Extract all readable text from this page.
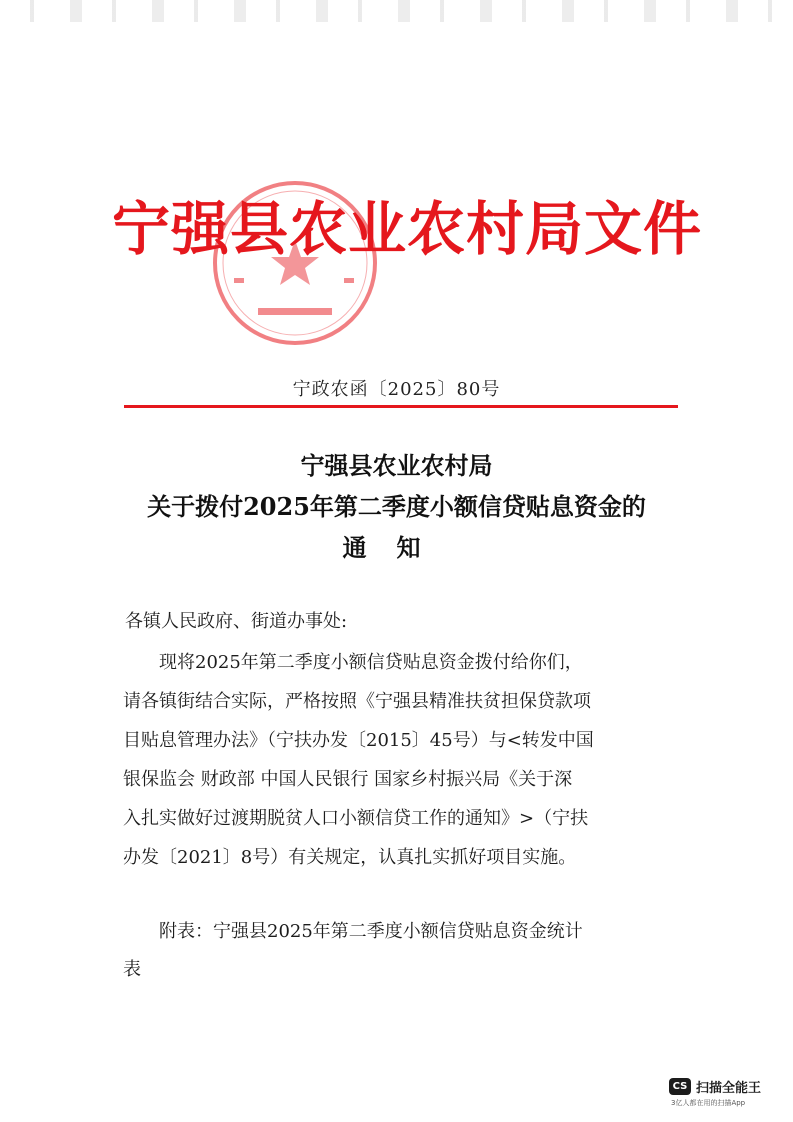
宁强县农业农村局文件
宁政农函〔2025〕80号
宁强县农业农村局
关于拨付2025年第二季度小额信贷贴息资金的
通知
各镇人民政府、街道办事处:
　　现将2025年第二季度小额信贷贴息资金拨付给你们，
请各镇街结合实际，严格按照《宁强县精准扶贫担保贷款项
目贴息管理办法》（宁扶办发〔2015〕45号）与<转发中国
银保监会 财政部 中国人民银行 国家乡村振兴局《关于深
入扎实做好过渡期脱贫人口小额信贷工作的通知》>（宁扶
办发〔2021〕8号）有关规定，认真扎实抓好项目实施。
　　附表：宁强县2025年第二季度小额信贷贴息资金统计
表
CS 扫描全能王
3亿人都在用的扫描App
